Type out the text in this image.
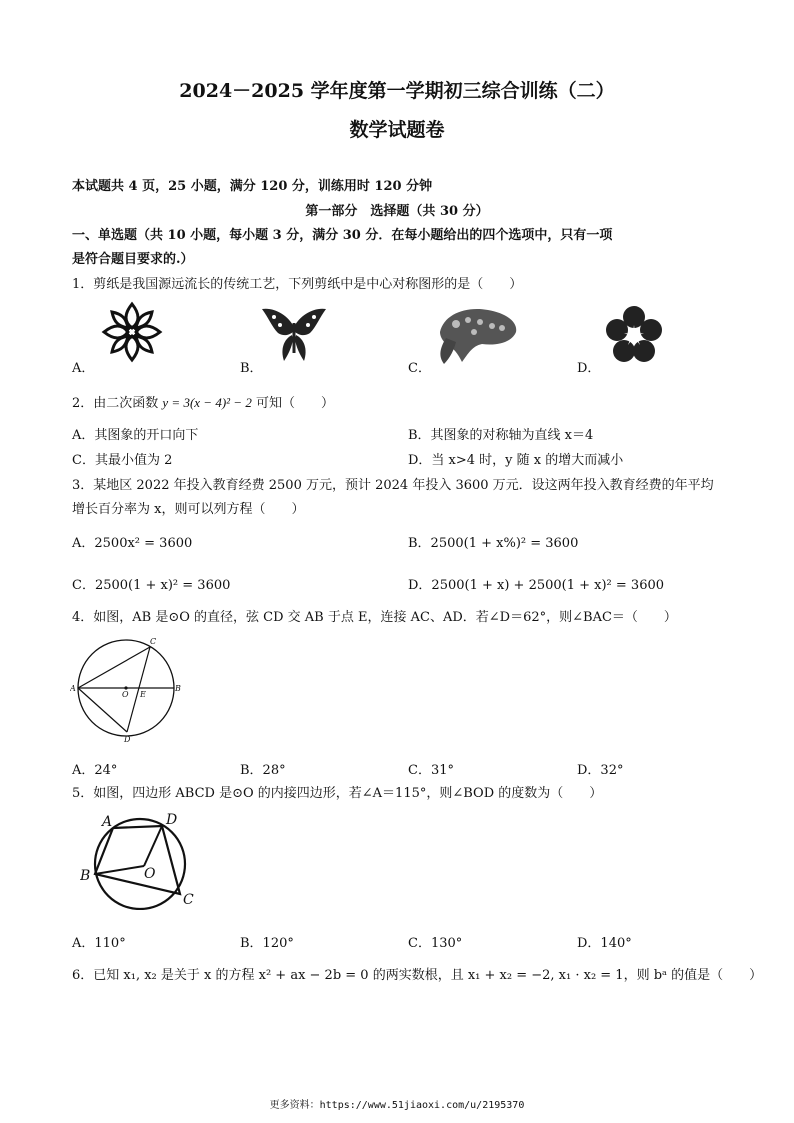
2024－2025 学年度第一学期初三综合训练（二）
数学试题卷
本试题共 4 页，25 小题，满分 120 分，训练用时 120 分钟
第一部分　选择题（共 30 分）
一、单选题（共 10 小题，每小题 3 分，满分 30 分．在每小题给出的四个选项中，只有一项
是符合题目要求的.）
1．剪纸是我国源远流长的传统工艺，下列剪纸中是中心对称图形的是（　　）
A．	B．	C．	D．
2．由二次函数 y = 3(x − 4)² − 2 可知（　　）
A．其图象的开口向下	B．其图象的对称轴为直线 x＝4
C．其最小值为 2	D．当 x>4 时，y 随 x 的增大而减小
3．某地区 2022 年投入教育经费 2500 万元，预计 2024 年投入 3600 万元．设这两年投入教育经费的年平均
增长百分率为 x，则可以列方程（　　）
A．2500x² = 3600	B．2500(1 + x%)² = 3600
C．2500(1 + x)² = 3600	D．2500(1 + x) + 2500(1 + x)² = 3600
4．如图，AB 是⊙O 的直径，弦 CD 交 AB 于点 E，连接 AC、AD．若∠D＝62°，则∠BAC＝（　　）
A
O E
B
C
D
A．24°	B．28°	C．31°	D．32°
5．如图，四边形 ABCD 是⊙O 的内接四边形，若∠A＝115°，则∠BOD 的度数为（　　）
A	D
B	O
C
A．110°	B．120°	C．130°	D．140°
6．已知 x₁, x₂ 是关于 x 的方程 x² + ax − 2b = 0 的两实数根，且 x₁ + x₂ = −2, x₁ · x₂ = 1，则 bᵃ 的值是（　　）
更多资料：https://www.51jiaoxi.com/u/2195370
